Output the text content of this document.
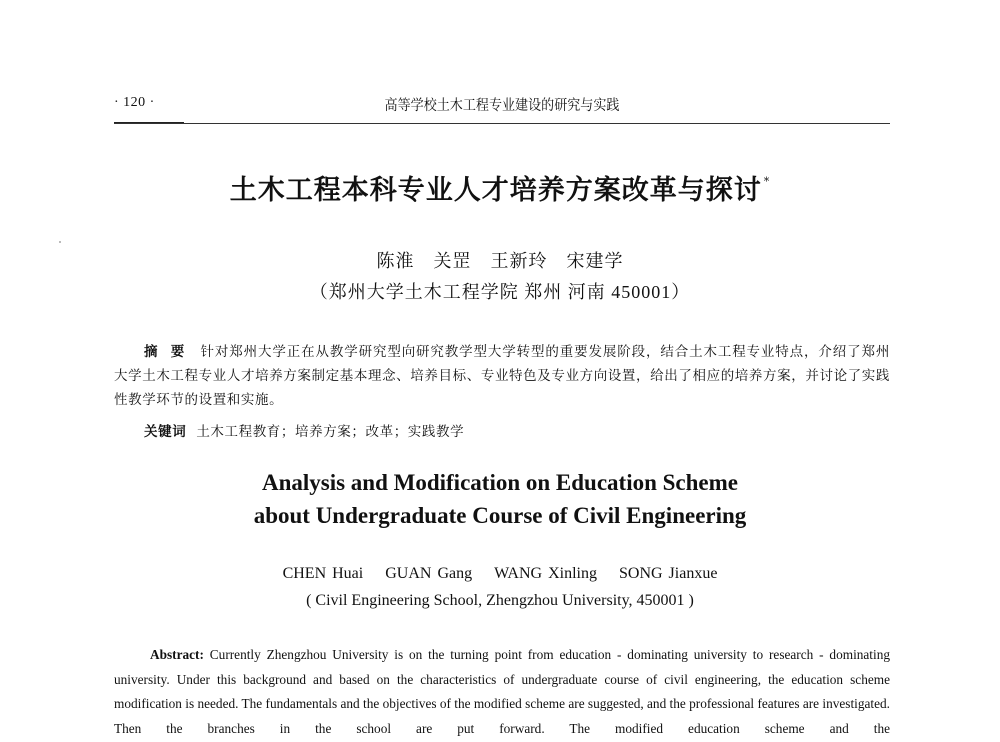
· 120 ·	高等学校土木工程专业建设的研究与实践
土木工程本科专业人才培养方案改革与探讨 *
陈淮　关罡　王新玲　宋建学
（郑州大学土木工程学院 郑州 河南 450001）
摘 要 针对郑州大学正在从教学研究型向研究教学型大学转型的重要发展阶段，结合土木工程专业特点，介绍了郑州大学土木工程专业人才培养方案制定基本理念、培养目标、专业特色及专业方向设置，给出了相应的培养方案，并讨论了实践性教学环节的设置和实施。
关键词 土木工程教育；培养方案；改革；实践教学
Analysis and Modification on Education Scheme
about Undergraduate Course of Civil Engineering
CHEN Huai GUAN Gang WANG Xinling SONG Jianxue
( Civil Engineering School, Zhengzhou University, 450001 )
Abstract: Currently Zhengzhou University is on the turning point from education - dominating university to research - dominating university. Under this background and based on the characteristics of undergraduate course of civil engineering, the education scheme modification is needed. The fundamentals and the objectives of the modified scheme are suggested, and the professional features are investigated. Then the branches in the school are put forward. The modified education scheme and the
